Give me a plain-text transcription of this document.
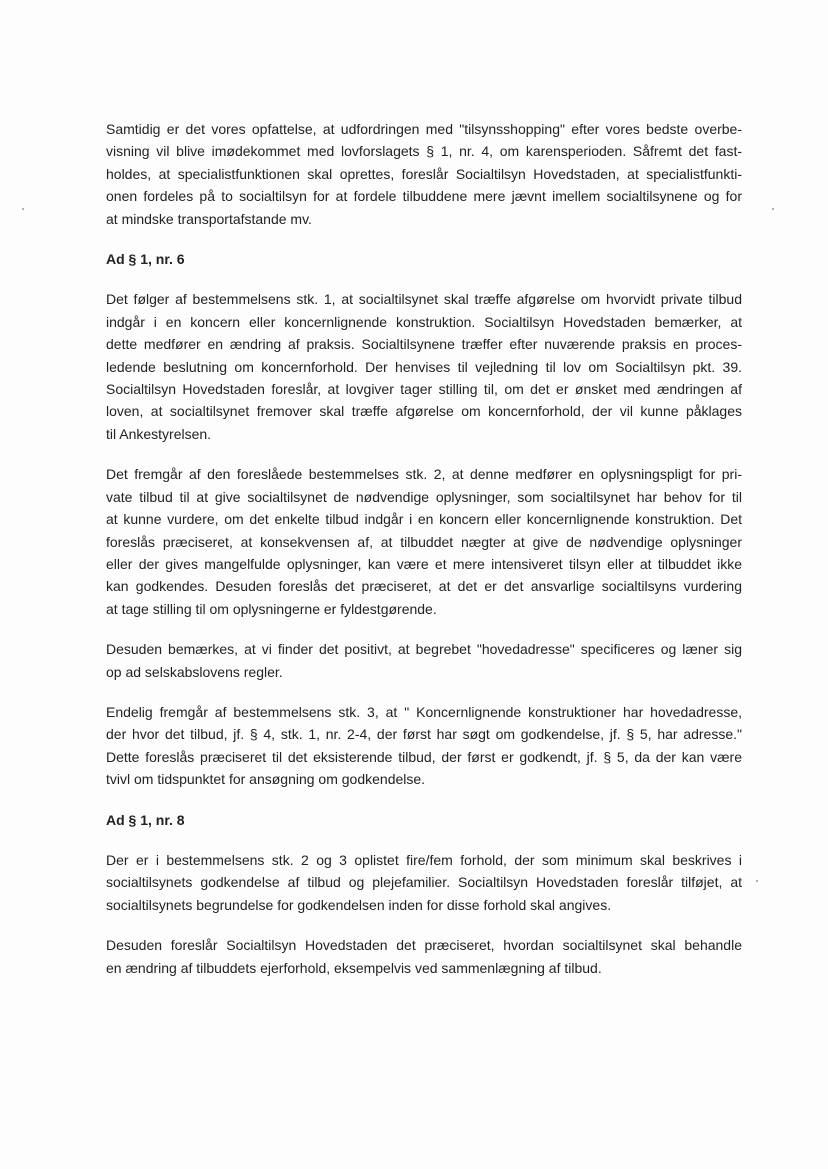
Samtidig er det vores opfattelse, at udfordringen med "tilsynsshopping" efter vores bedste overbe-
visning vil blive imødekommet med lovforslagets § 1, nr. 4, om karensperioden. Såfremt det fast-
holdes, at specialistfunktionen skal oprettes, foreslår Socialtilsyn Hovedstaden, at specialistfunkti-
onen fordeles på to socialtilsyn for at fordele tilbuddene mere jævnt imellem socialtilsynene og for
at mindske transportafstande mv.

Ad § 1, nr. 6

Det følger af bestemmelsens stk. 1, at socialtilsynet skal træffe afgørelse om hvorvidt private tilbud
indgår i en koncern eller koncernlignende konstruktion. Socialtilsyn Hovedstaden bemærker, at
dette medfører en ændring af praksis. Socialtilsynene træffer efter nuværende praksis en proces-
ledende beslutning om koncernforhold. Der henvises til vejledning til lov om Socialtilsyn pkt. 39.
Socialtilsyn Hovedstaden foreslår, at lovgiver tager stilling til, om det er ønsket med ændringen af
loven, at socialtilsynet fremover skal træffe afgørelse om koncernforhold, der vil kunne påklages
til Ankestyrelsen.

Det fremgår af den foreslåede bestemmelses stk. 2, at denne medfører en oplysningspligt for pri-
vate tilbud til at give socialtilsynet de nødvendige oplysninger, som socialtilsynet har behov for til
at kunne vurdere, om det enkelte tilbud indgår i en koncern eller koncernlignende konstruktion. Det
foreslås præciseret, at konsekvensen af, at tilbuddet nægter at give de nødvendige oplysninger
eller der gives mangelfulde oplysninger, kan være et mere intensiveret tilsyn eller at tilbuddet ikke
kan godkendes. Desuden foreslås det præciseret, at det er det ansvarlige socialtilsyns vurdering
at tage stilling til om oplysningerne er fyldestgørende.

Desuden bemærkes, at vi finder det positivt, at begrebet "hovedadresse" specificeres og læner sig
op ad selskabslovens regler.

Endelig fremgår af bestemmelsens stk. 3, at " Koncernlignende konstruktioner har hovedadresse,
der hvor det tilbud, jf. § 4, stk. 1, nr. 2-4, der først har søgt om godkendelse, jf. § 5, har adresse."
Dette foreslås præciseret til det eksisterende tilbud, der først er godkendt, jf. § 5, da der kan være
tvivl om tidspunktet for ansøgning om godkendelse.

Ad § 1, nr. 8

Der er i bestemmelsens stk. 2 og 3 oplistet fire/fem forhold, der som minimum skal beskrives i
socialtilsynets godkendelse af tilbud og plejefamilier. Socialtilsyn Hovedstaden foreslår tilføjet, at
socialtilsynets begrundelse for godkendelsen inden for disse forhold skal angives.

Desuden foreslår Socialtilsyn Hovedstaden det præciseret, hvordan socialtilsynet skal behandle
en ændring af tilbuddets ejerforhold, eksempelvis ved sammenlægning af tilbud.
